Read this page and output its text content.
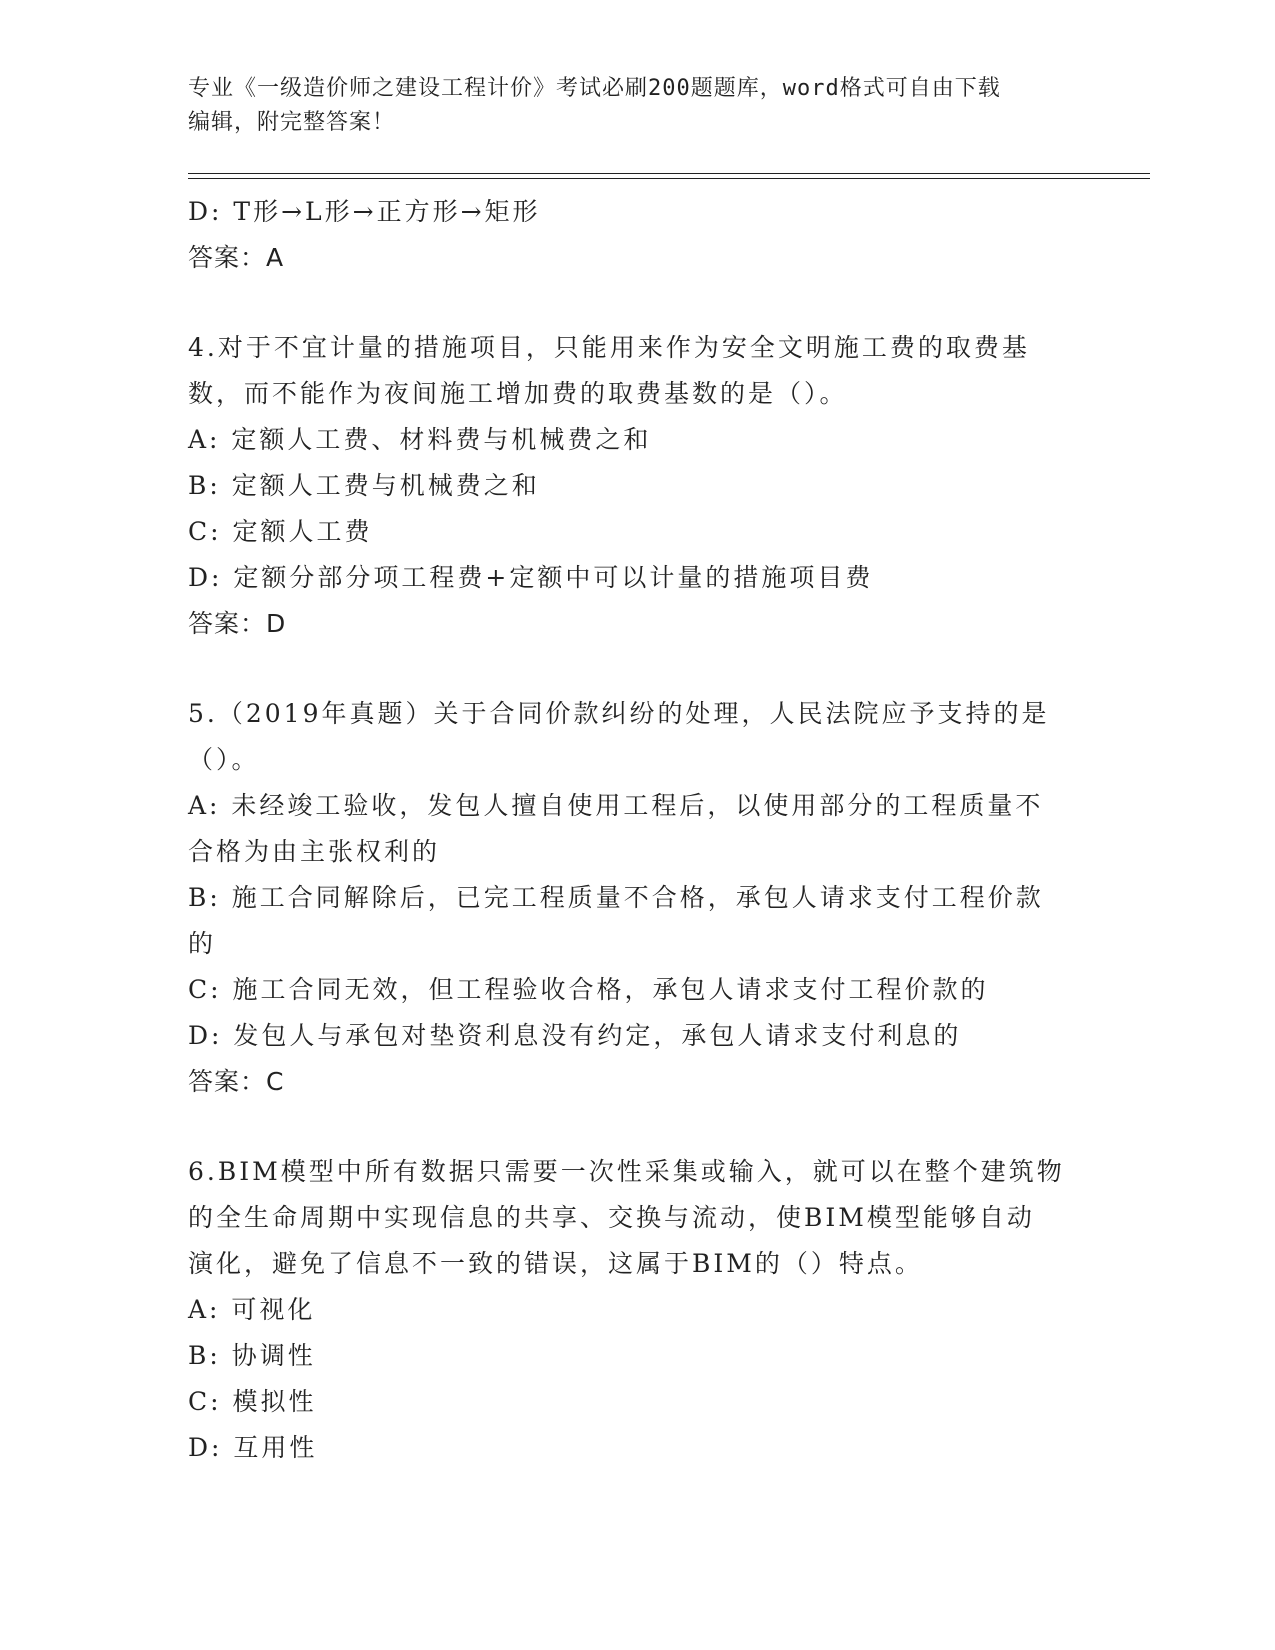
专业《一级造价师之建设工程计价》考试必刷200题题库，word格式可自由下载
编辑，附完整答案！
D: T形→L形→正方形→矩形
答案：A
4.对于不宜计量的措施项目，只能用来作为安全文明施工费的取费基
数，而不能作为夜间施工增加费的取费基数的是（）。
A: 定额人工费、材料费与机械费之和
B: 定额人工费与机械费之和
C: 定额人工费
D: 定额分部分项工程费+定额中可以计量的措施项目费
答案：D
5.（2019年真题）关于合同价款纠纷的处理，人民法院应予支持的是
（）。
A: 未经竣工验收，发包人擅自使用工程后，以使用部分的工程质量不
合格为由主张权利的
B: 施工合同解除后，已完工程质量不合格，承包人请求支付工程价款
的
C: 施工合同无效，但工程验收合格，承包人请求支付工程价款的
D: 发包人与承包对垫资利息没有约定，承包人请求支付利息的
答案：C
6.BIM模型中所有数据只需要一次性采集或输入，就可以在整个建筑物
的全生命周期中实现信息的共享、交换与流动，使BIM模型能够自动
演化，避免了信息不一致的错误，这属于BIM的（）特点。
A: 可视化
B: 协调性
C: 模拟性
D: 互用性
